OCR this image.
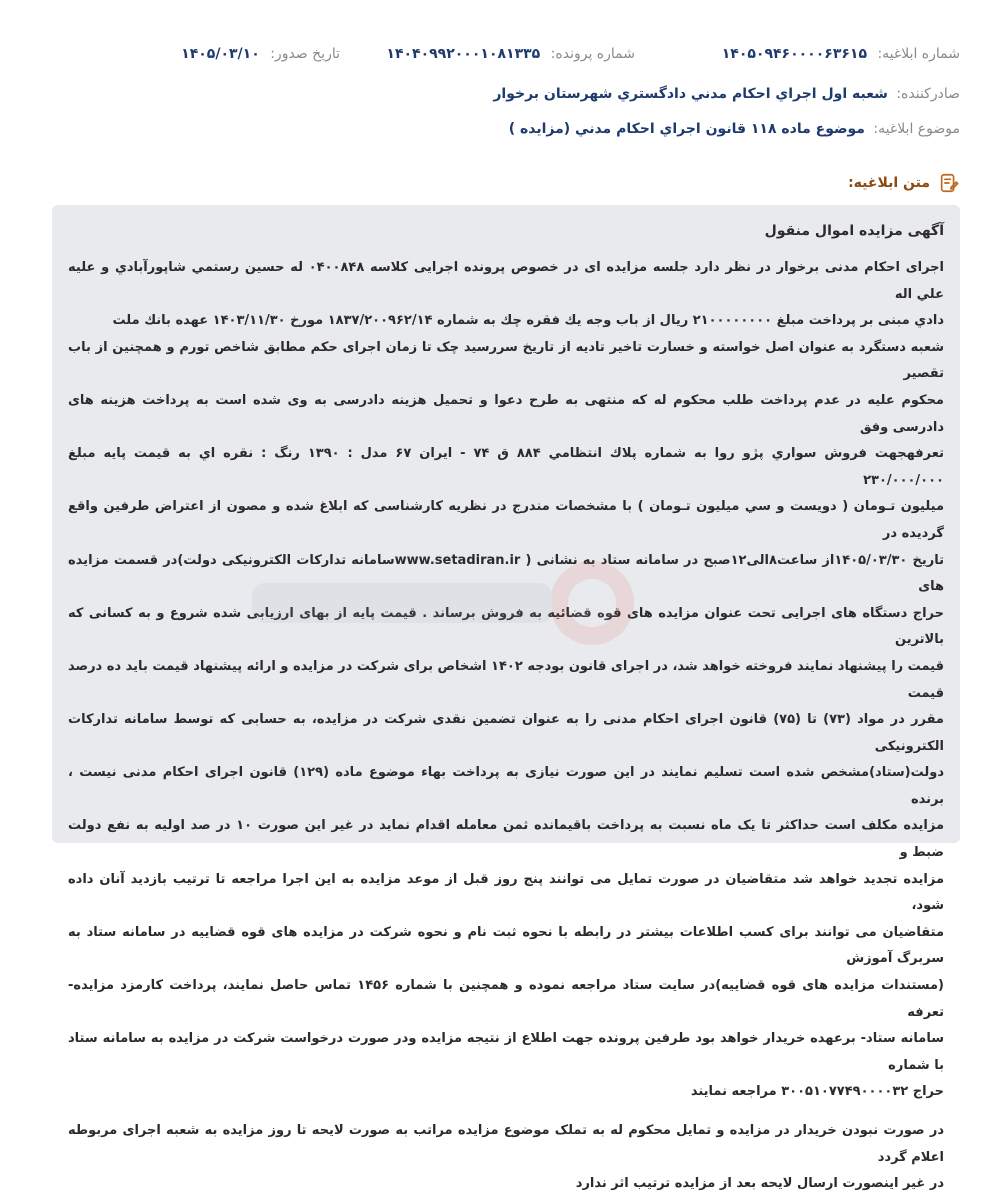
شماره ابلاغیه: ۱۴۰۵۰۹۴۶۰۰۰۰۶۳۶۱۵
شماره پرونده: ۱۴۰۴۰۹۹۲۰۰۰۱۰۸۱۳۳۵
تاریخ صدور: ۱۴۰۵/۰۳/۱۰
صادرکننده: شعبه اول اجراي احكام مدني دادگستري شهرستان برخوار
موضوع ابلاغیه: موضوع ماده ۱۱۸ قانون اجراي احكام مدني (مزايده )
متن ابلاغیه:

آگهی مزایده اموال منقول

اجرای احکام مدنی برخوار در نظر دارد جلسه مزایده ای در خصوص پرونده اجرایی کلاسه ۰۴۰۰۸۴۸ له حسین رستمي شاپورآبادي و علیه علي اله
دادي مبنی بر پرداخت مبلغ ۲۱۰۰۰۰۰۰۰۰ ریال از باب وجه یك فقره چك به شماره ۱۸۳۷/۲۰۰۹۶۲/۱۴ مورخ ۱۴۰۳/۱۱/۳۰ عهده بانك ملت
شعبه دستگرد به عنوان اصل خواسته و خسارت تاخیر تادیه از تاریخ سررسید چک تا زمان اجرای حکم مطابق شاخص تورم و همچنین از باب تقصیر
محکوم علیه در عدم پرداخت طلب محکوم له که منتهی به طرح دعوا و تحمیل هزینه دادرسی به وی شده است به پرداخت هزینه های دادرسی وفق
تعرفهجهت فروش سواري پژو روا به شماره پلاك انتظامي ۸۸۴ ق ۷۴ - ايران ۶۷ مدل : ۱۳۹۰ رنگ : نقره اي به قیمت پایه مبلغ ۲۳۰/۰۰۰/۰۰۰
میلیون تـومان ( دويست و سي ميليون تـومان ) با مشخصات مندرج در نظریه کارشناسی که ابلاغ شده و مصون از اعتراض طرفین واقع گردیده در
تاریخ ۱۴۰۵/۰۳/۳۰از ساعت۸الی۱۲صبح در سامانه ستاد به نشانی ( www.setadiran.irسامانه تدارکات الکترونیکی دولت)در قسمت مزایده های
حراج دستگاه های اجرایی تحت عنوان مزایده های قوه قضائیه به فروش برساند . قیمت پایه از بهای ارزیابی شده شروع و به کسانی که بالاترین
قیمت را پیشنهاد نمایند فروخته خواهد شد، در اجرای قانون بودجه ۱۴۰۲ اشخاص برای شرکت در مزایده و ارائه پیشنهاد قیمت باید ده درصد قیمت
مقرر در مواد (۷۳) تا (۷۵) قانون اجرای احکام مدنی را به عنوان تضمین نقدی شرکت در مزایده، به حسابی که توسط سامانه تدارکات الکترونیکی
دولت(ستاد)مشخص شده است تسلیم نمایند در این صورت نیازی به پرداخت بهاء موضوع ماده (۱۲۹) قانون اجرای احکام مدنی نیست ، برنده
مزایده مکلف است حداکثر تا یک ماه نسبت به پرداخت باقیمانده ثمن معامله اقدام نماید در غیر این صورت ۱۰ در صد اولیه به نفع دولت ضبط و
مزایده تجدید خواهد شد متقاضیان در صورت تمایل می توانند پنج روز قبل از موعد مزایده به این اجرا مراجعه تا ترتیب بازدید آنان داده شود،
متقاضیان می توانند برای کسب اطلاعات بیشتر در رابطه با نحوه ثبت نام و نحوه شرکت در مزایده های قوه قضاییه در سامانه ستاد به سربرگ آموزش
(مستندات مزایده های قوه قضاییه)در سایت ستاد مراجعه نموده و همچنین با شماره ۱۴۵۶ تماس حاصل نمایند، پرداخت کارمزد مزایده-تعرفه
سامانه ستاد- برعهده خریدار خواهد بود طرفین پرونده جهت اطلاع از نتیجه مزایده ودر صورت درخواست شرکت در مزایده به سامانه ستاد با شماره
حراج ۳۰۰۵۱۰۷۷۴۹۰۰۰۰۳۲ مراجعه نمایند

در صورت نبودن خریدار در مزایده و تمایل محکوم له به تملک موضوع مزایده مراتب به صورت لایحه تا روز مزایده به شعبه اجرای مربوطه اعلام گردد
در غیر اینصورت ارسال لایحه بعد از مزایده ترتیب اثر ندارد
